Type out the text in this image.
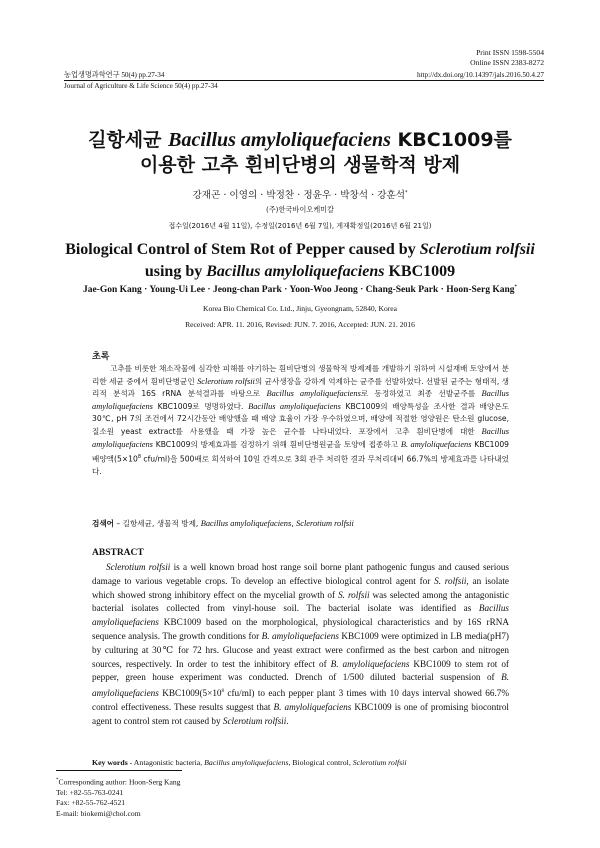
Print ISSN 1598-5504
Online ISSN 2383-8272
농업생명과학연구 50(4) pp.27-34	http://dx.doi.org/10.14397/jals.2016.50.4.27
Journal of Agriculture & Life Science 50(4) pp.27-34
길항세균 Bacillus amyloliquefaciens KBC1009를
이용한 고추 흰비단병의 생물학적 방제
강재곤 · 이영의 · 박정찬 · 정윤우 · 박창석 · 강훈석*
(주)한국바이오케미칼
접수일(2016년 4월 11일), 수정일(2016년 6월 7일), 게재확정일(2016년 6월 21일)
Biological Control of Stem Rot of Pepper caused by Sclerotium rolfsii
using by Bacillus amyloliquefaciens KBC1009
Jae-Gon Kang · Young-Ui Lee · Jeong-chan Park · Yoon-Woo Jeong · Chang-Seuk Park · Hoon-Serg Kang*
Korea Bio Chemical Co. Ltd., Jinju, Gyeongnam, 52840, Korea
Received: APR. 11. 2016, Revised: JUN. 7. 2016, Accepted: JUN. 21. 2016
초록

고추를 비롯한 채소작물에 심각한 피해를 야기하는 흰비단병의 생물학적 방제제를 개발하기 위하여 시설재배 토양에서 분리한 세균 중에서 흰비단병균인 Sclerotium rolfsii의 균사생장을 강하게 억제하는 균주를 선발하였다. 선발된 균주는 형태적, 생리적 분석과 16S rRNA 분석결과를 바탕으로 Bacillus amyloliquefaciens로 동정하였고 최종 선발균주를 Bacillus amyloliquefaciens KBC1009로 명명하였다. Bacillus amyloliquefaciens KBC1009의 배양특성을 조사한 결과 배양온도 30℃, pH 7의 조건에서 72시간동안 배양했을 때 배양 효율이 가장 우수하였으며, 배양에 적절한 영양원은 탄소원 glucose, 질소원 yeast extract를 사용했을 때 가장 높은 균수를 나타내었다. 포장에서 고추 흰비단병에 대한 Bacillus amyloliquefaciens KBC1009의 방제효과를 검정하기 위해 흰비단병원균을 토양에 접종하고 B. amyloliquefaciens KBC1009 배양액($5\times 10^8$ cfu/ml)을 500배로 희석하여 10일 간격으로 3회 관주 처리한 결과 무처리대비 66.7%의 방제효과를 나타내었다.

검색어 – 길항세균, 생물적 방제, Bacillus amyloliquefaciens, Sclerotium rolfsii
ABSTRACT

Sclerotium rolfsii is a well known broad host range soil borne plant pathogenic fungus and caused serious damage to various vegetable crops. To develop an effective biological control agent for S. rolfsii, an isolate which showed strong inhibitory effect on the mycelial growth of S. rolfsii was selected among the antagonistic bacterial isolates collected from vinyl-house soil. The bacterial isolate was identified as Bacillus amyloliquefaciens KBC1009 based on the morphological, physiological characteristics and by 16S rRNA sequence analysis. The growth conditions for B. amyloliquefaciens KBC1009 were optimized in LB media(pH7) by culturing at 30℃ for 72 hrs. Glucose and yeast extract were confirmed as the best carbon and nitrogen sources, respectively. In order to test the inhibitory effect of B. amyloliquefaciens KBC1009 to stem rot of pepper, green house experiment was conducted. Drench of 1/500 diluted bacterial suspension of B. amyloliquefaciens $KBC1009(5\times 10^8$ cfu/ml) to each pepper plant 3 times with 10 days interval showed 66.7% control effectiveness. These results suggest that B. amyloliquefaciens KBC1009 is one of promising biocontrol agent to control stem rot caused by Sclerotium rolfsii.

Key words - Antagonistic bacteria, Bacillus amyloliquefaciens, Biological control, Sclerotium rolfsii
*Corresponding author: Hoon-Serg Kang
Tel: +82-55-763-0241
Fax: +82-55-762-4521
E-mail: biokemi@chol.com
